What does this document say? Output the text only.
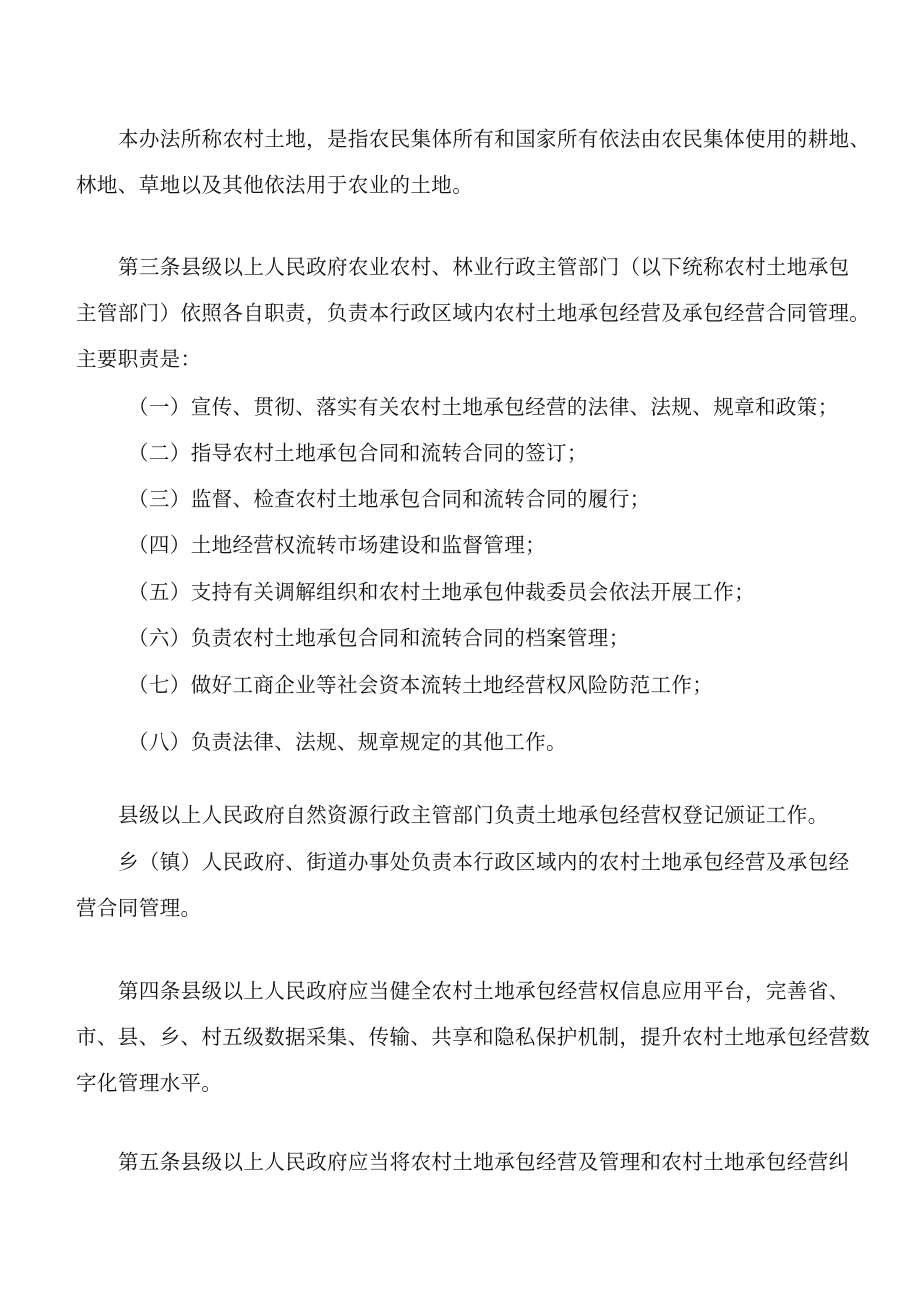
本办法所称农村土地，是指农民集体所有和国家所有依法由农民集体使用的耕地、

林地、草地以及其他依法用于农业的土地。

第三条县级以上人民政府农业农村、林业行政主管部门（以下统称农村土地承包

主管部门）依照各自职责，负责本行政区域内农村土地承包经营及承包经营合同管理。

主要职责是：

（一）宣传、贯彻、落实有关农村土地承包经营的法律、法规、规章和政策；

（二）指导农村土地承包合同和流转合同的签订；

（三）监督、检查农村土地承包合同和流转合同的履行；

（四）土地经营权流转市场建设和监督管理；

（五）支持有关调解组织和农村土地承包仲裁委员会依法开展工作；

（六）负责农村土地承包合同和流转合同的档案管理；

（七）做好工商企业等社会资本流转土地经营权风险防范工作；

（八）负责法律、法规、规章规定的其他工作。

县级以上人民政府自然资源行政主管部门负责土地承包经营权登记颁证工作。

乡（镇）人民政府、街道办事处负责本行政区域内的农村土地承包经营及承包经

营合同管理。

第四条县级以上人民政府应当健全农村土地承包经营权信息应用平台，完善省、

市、县、乡、村五级数据采集、传输、共享和隐私保护机制，提升农村土地承包经营数

字化管理水平。

第五条县级以上人民政府应当将农村土地承包经营及管理和农村土地承包经营纠
